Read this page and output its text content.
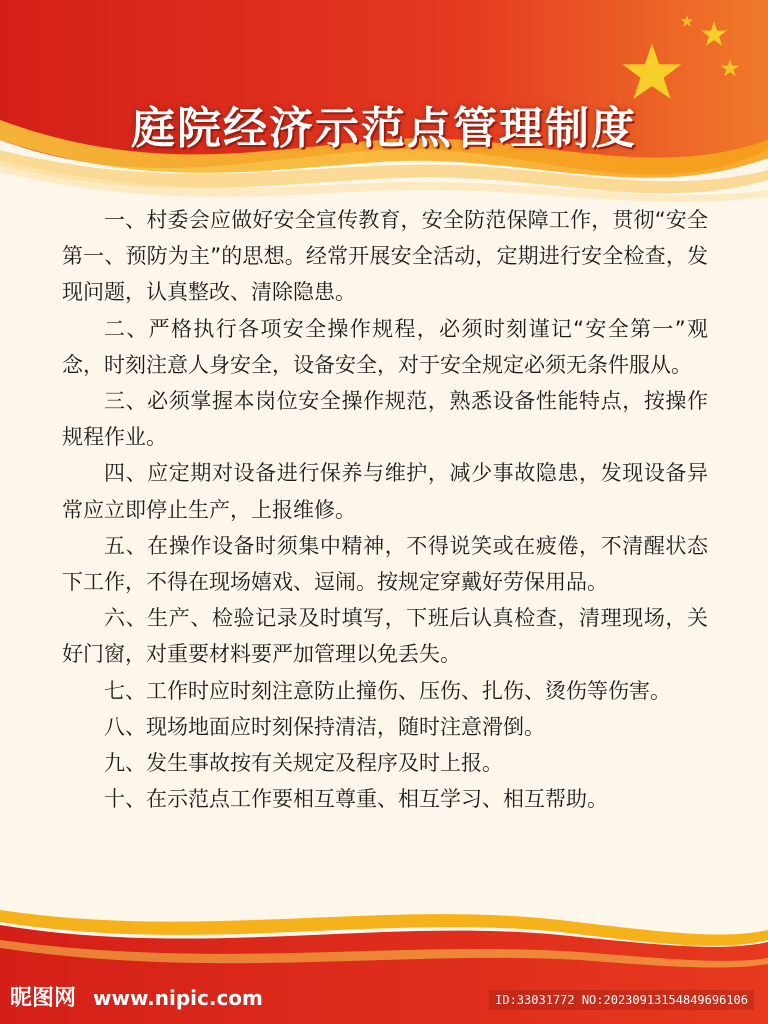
庭院经济示范点管理制度

一、村委会应做好安全宣传教育，安全防范保障工作，贯彻“安全第一、预防为主”的思想。经常开展安全活动，定期进行安全检查，发现问题，认真整改、清除隐患。

二、严格执行各项安全操作规程，必须时刻谨记“安全第一”观念，时刻注意人身安全，设备安全，对于安全规定必须无条件服从。

三、必须掌握本岗位安全操作规范，熟悉设备性能特点，按操作规程作业。

四、应定期对设备进行保养与维护，减少事故隐患，发现设备异常应立即停止生产，上报维修。

五、在操作设备时须集中精神，不得说笑或在疲倦，不清醒状态下工作，不得在现场嬉戏、逗闹。按规定穿戴好劳保用品。

六、生产、检验记录及时填写，下班后认真检查，清理现场，关好门窗，对重要材料要严加管理以免丢失。

七、工作时应时刻注意防止撞伤、压伤、扎伤、烫伤等伤害。

八、现场地面应时刻保持清洁，随时注意滑倒。

九、发生事故按有关规定及程序及时上报。

十、在示范点工作要相互尊重、相互学习、相互帮助。

昵图网 www.nipic.com	ID:33031772 NO:20230913154849696106
